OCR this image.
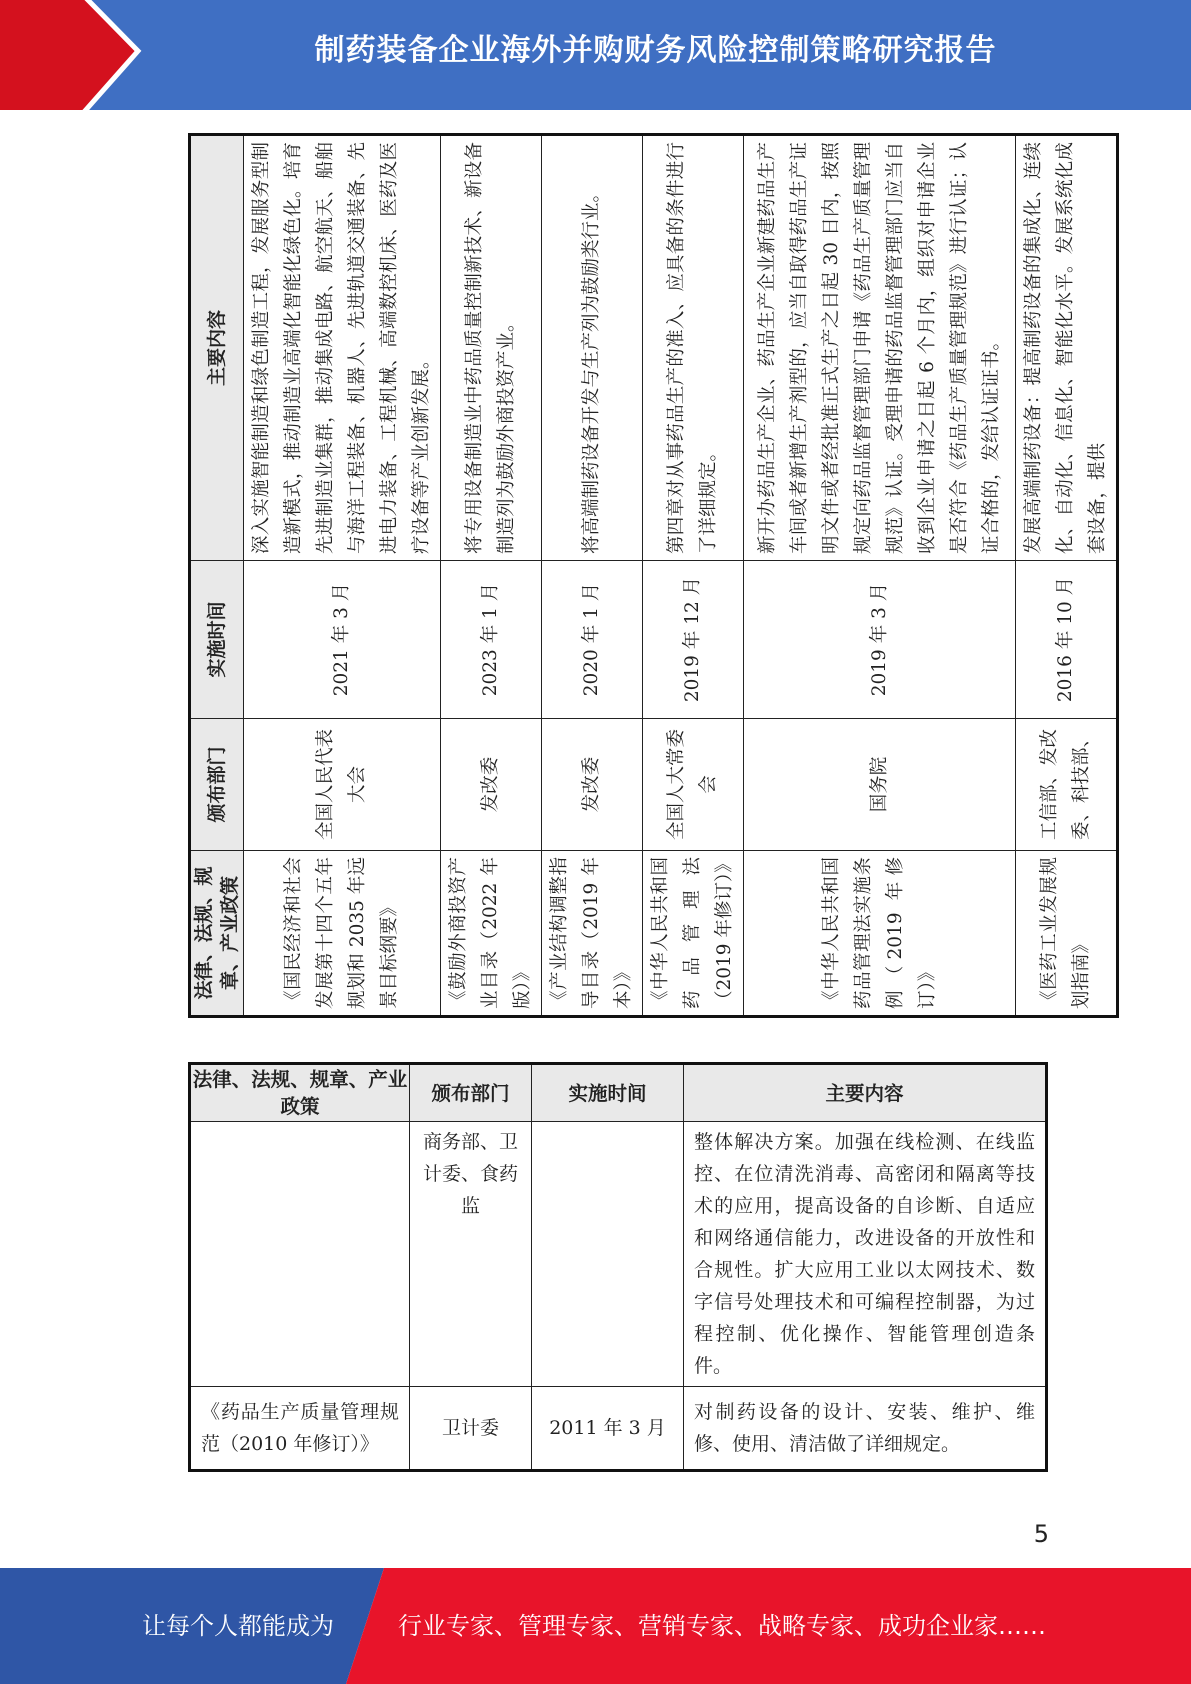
制药装备企业海外并购财务风险控制策略研究报告
法律、法规、规章、产业政策	颁布部门	实施时间	主要内容
《国民经济和社会发展第十四个五年规划和 2035 年远景目标纲要》	全国人民代表大会	2021 年 3 月	深入实施智能制造和绿色制造工程，发展服务型制造新模式，推动制造业高端化智能化绿色化。培育先进制造业集群，推动集成电路、航空航天、船舶与海洋工程装备、机器人、先进轨道交通装备、先进电力装备、工程机械、高端数控机床、医药及医疗设备等产业创新发展。
《鼓励外商投资产业目录（2022 年版）》	发改委	2023 年 1 月	将专用设备制造业中药品质量控制新技术、新设备制造列为鼓励外商投资产业。
《产业结构调整指导目录（2019 年本）》	发改委	2020 年 1 月	将高端制药设备开发与生产列为鼓励类行业。
《中华人民共和国药品管理法（2019 年修订）》	全国人大常委会	2019 年 12 月	第四章对从事药品生产的准入、应具备的条件进行了详细规定。
《中华人民共和国药品管理法实施条例（2019 年修订）》	国务院	2019 年 3 月	新开办药品生产企业、药品生产企业新建药品生产车间或者新增生产剂型的，应当自取得药品生产证明文件或者经批准正式生产之日起 30 日内，按照规定向药品监督管理部门申请《药品生产质量管理规范》认证。受理申请的药品监督管理部门应当自收到企业申请之日起 6 个月内，组织对申请企业是否符合《药品生产质量管理规范》进行认证；认证合格的，发给认证证书。
《医药工业发展规划指南》	工信部、发改委、科技部、	2016 年 10 月	发展高端制药设备：提高制药设备的集成化、连续化、自动化、信息化、智能化水平。发展系统化成套设备，提供
法律、法规、规章、产业政策	颁布部门	实施时间	主要内容
	商务部、卫计委、食药监		整体解决方案。加强在线检测、在线监控、在位清洗消毒、高密闭和隔离等技术的应用，提高设备的自诊断、自适应和网络通信能力，改进设备的开放性和合规性。扩大应用工业以太网技术、数字信号处理技术和可编程控制器，为过程控制、优化操作、智能管理创造条件。
《药品生产质量管理规范（2010 年修订）》	卫计委	2011 年 3 月	对制药设备的设计、安装、维护、维修、使用、清洁做了详细规定。
5
让每个人都能成为	行业专家、管理专家、营销专家、战略专家、成功企业家……
